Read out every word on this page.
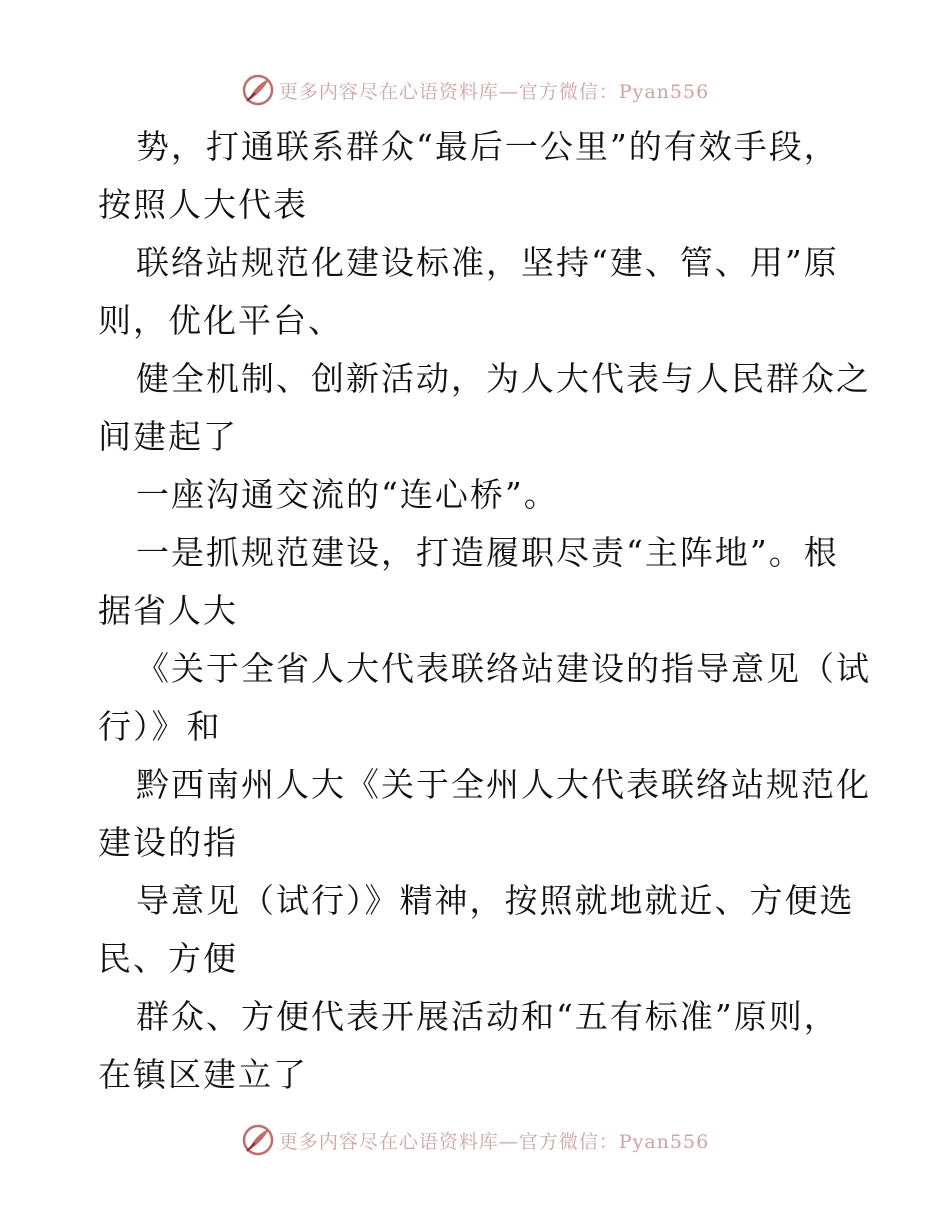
更多内容尽在心语资料库—官方微信：Pyan556
势，打通联系群众“最后一公里”的有效手段，
按照人大代表
联络站规范化建设标准，坚持“建、管、用”原
则，优化平台、
健全机制、创新活动，为人大代表与人民群众之
间建起了
一座沟通交流的“连心桥”。
一是抓规范建设，打造履职尽责“主阵地”。根
据省人大
《关于全省人大代表联络站建设的指导意见（试
行）》和
黔西南州人大《关于全州人大代表联络站规范化
建设的指
导意见（试行）》精神，按照就地就近、方便选
民、方便
群众、方便代表开展活动和“五有标准”原则，
在镇区建立了
更多内容尽在心语资料库—官方微信：Pyan556
